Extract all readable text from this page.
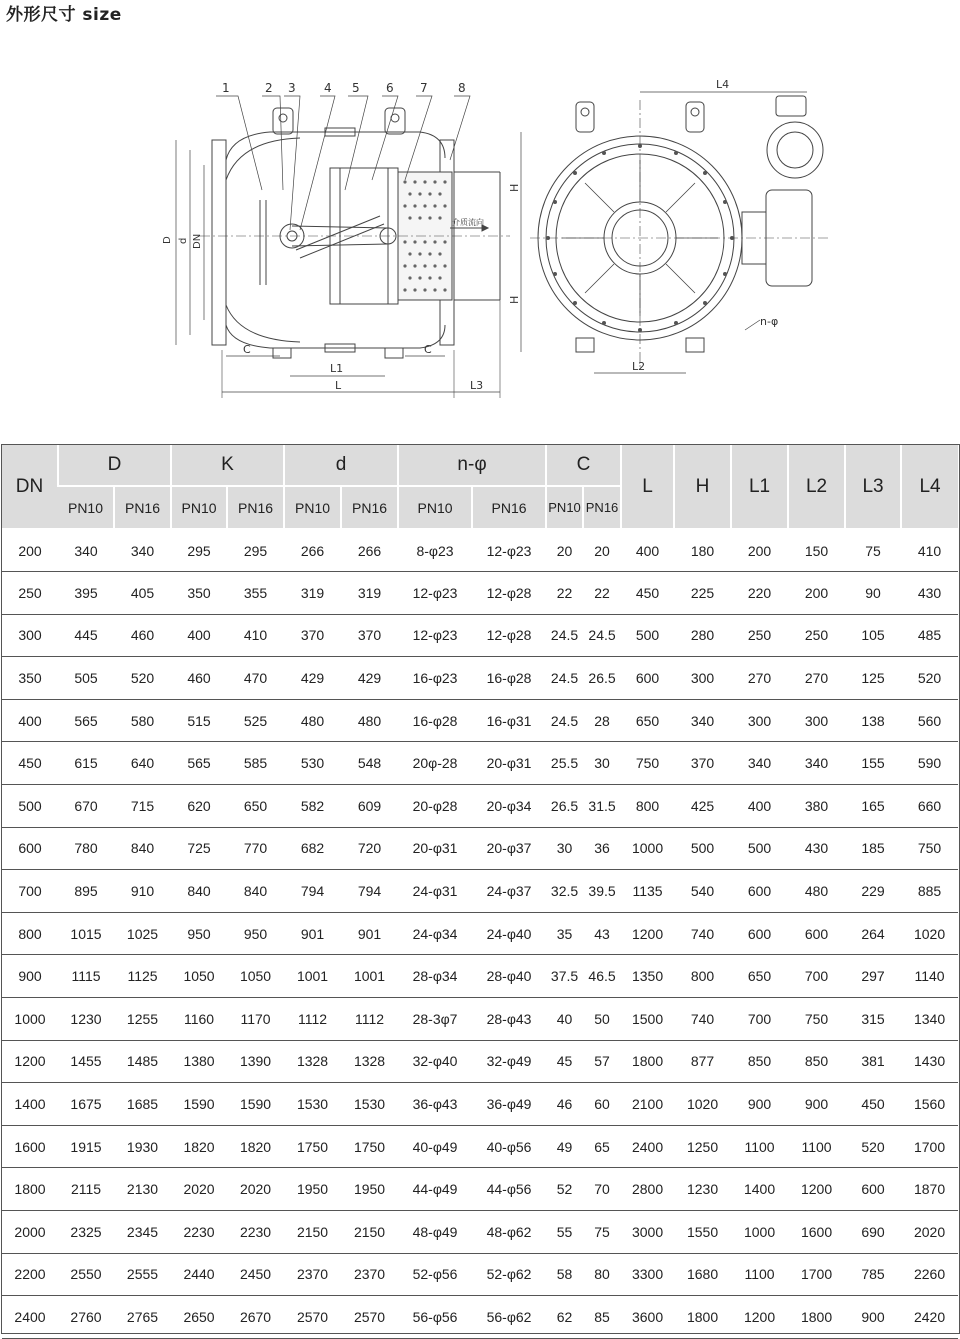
外形尺寸 size
介质流向
1	2 3 4 5 6 7	8
D d DN
C	C
L1
L	L3
H
H
L4
L2
n-φ
DN	D		K		d		n-φ		C		L	H	L1	L2	L3	L4
	PN10	PN16	PN10	PN16	PN10	PN16	PN10	PN16	PN10	PN16						
200	340	340	295	295	266	266	8-φ23	12-φ23	20	20	400	180	200	150	75	410
250	395	405	350	355	319	319	12-φ23	12-φ28	22	22	450	225	220	200	90	430
300	445	460	400	410	370	370	12-φ23	12-φ28	24.5	24.5	500	280	250	250	105	485
350	505	520	460	470	429	429	16-φ23	16-φ28	24.5	26.5	600	300	270	270	125	520
400	565	580	515	525	480	480	16-φ28	16-φ31	24.5	28	650	340	300	300	138	560
450	615	640	565	585	530	548	20φ-28	20-φ31	25.5	30	750	370	340	340	155	590
500	670	715	620	650	582	609	20-φ28	20-φ34	26.5	31.5	800	425	400	380	165	660
600	780	840	725	770	682	720	20-φ31	20-φ37	30	36	1000	500	500	430	185	750
700	895	910	840	840	794	794	24-φ31	24-φ37	32.5	39.5	1135	540	600	480	229	885
800	1015	1025	950	950	901	901	24-φ34	24-φ40	35	43	1200	740	600	600	264	1020
900	1115	1125	1050	1050	1001	1001	28-φ34	28-φ40	37.5	46.5	1350	800	650	700	297	1140
1000	1230	1255	1160	1170	1112	1112	28-3φ7	28-φ43	40	50	1500	740	700	750	315	1340
1200	1455	1485	1380	1390	1328	1328	32-φ40	32-φ49	45	57	1800	877	850	850	381	1430
1400	1675	1685	1590	1590	1530	1530	36-φ43	36-φ49	46	60	2100	1020	900	900	450	1560
1600	1915	1930	1820	1820	1750	1750	40-φ49	40-φ56	49	65	2400	1250	1100	1100	520	1700
1800	2115	2130	2020	2020	1950	1950	44-φ49	44-φ56	52	70	2800	1230	1400	1200	600	1870
2000	2325	2345	2230	2230	2150	2150	48-φ49	48-φ62	55	75	3000	1550	1000	1600	690	2020
2200	2550	2555	2440	2450	2370	2370	52-φ56	52-φ62	58	80	3300	1680	1100	1700	785	2260
2400	2760	2765	2650	2670	2570	2570	56-φ56	56-φ62	62	85	3600	1800	1200	1800	900	2420
